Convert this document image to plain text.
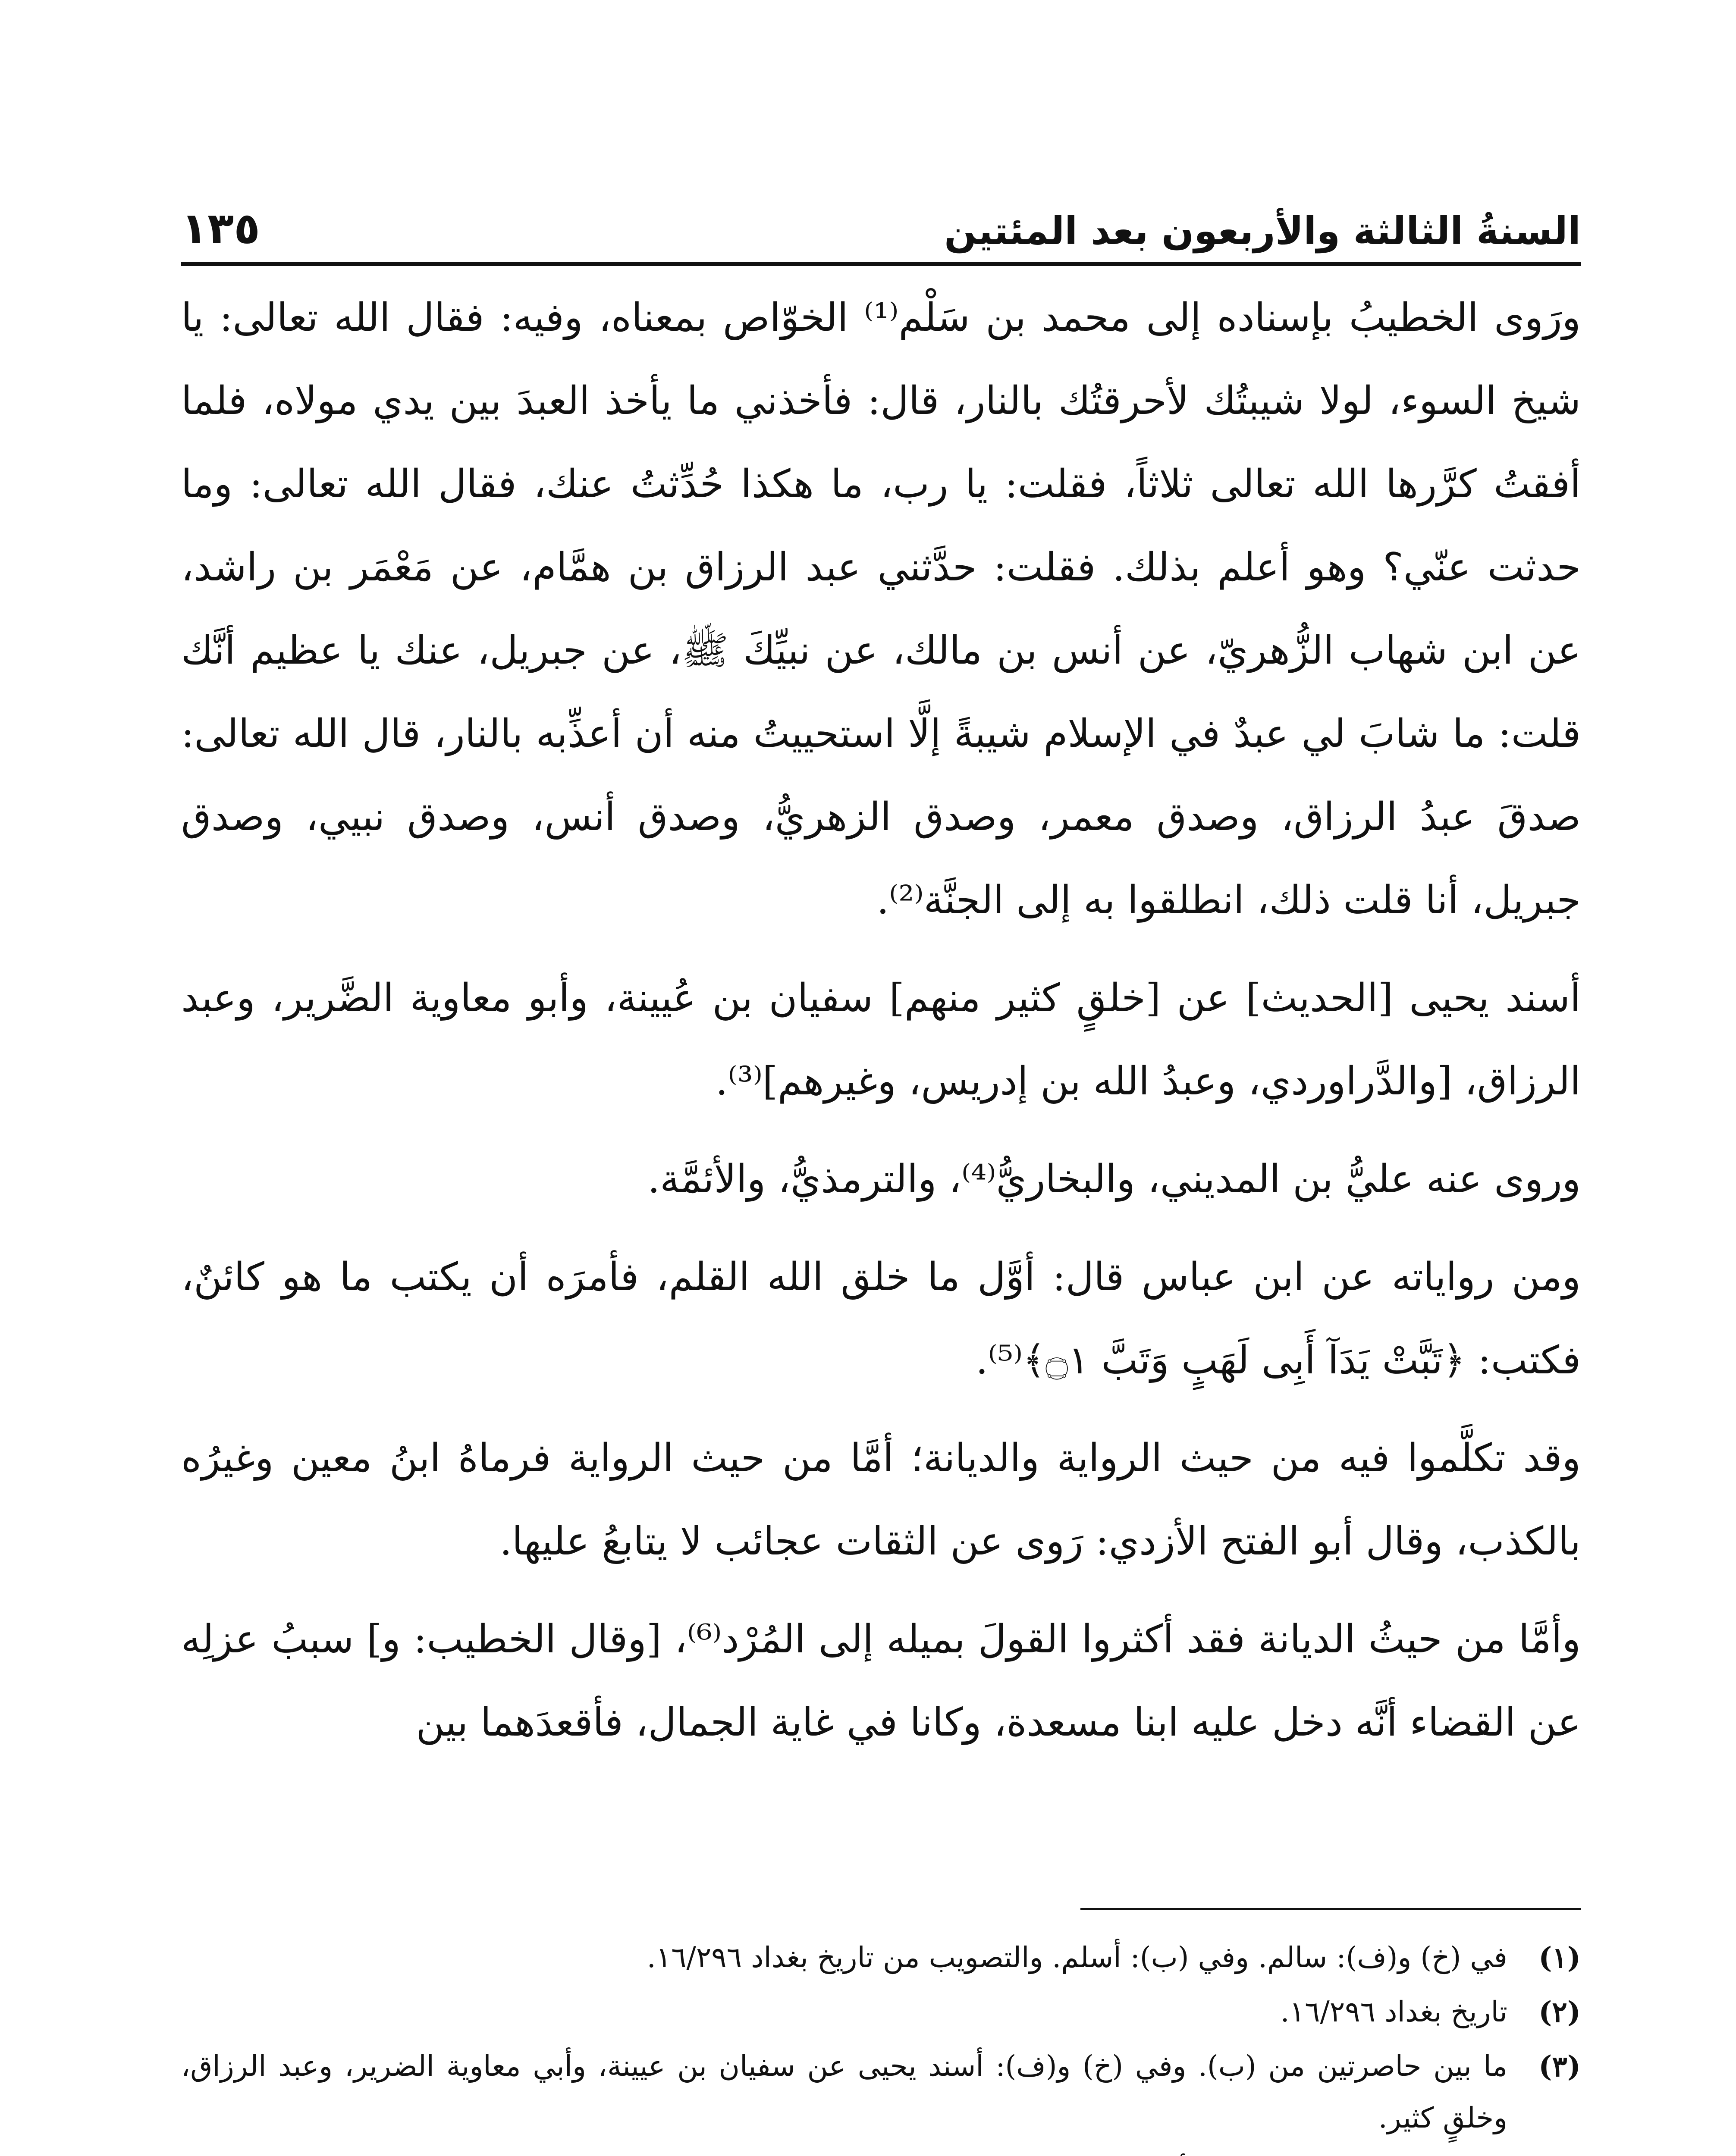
السنةُ الثالثة والأربعون بعد المئتين
١٣٥

ورَوى الخطيبُ بإسناده إلى محمد بن سَلْم⁽¹⁾ الخوّاص بمعناه، وفيه: فقال الله تعالى: يا شيخ السوء، لولا شيبتُك لأحرقتُك بالنار، قال: فأخذني ما يأخذ العبدَ بين يدي مولاه، فلما أفقتُ كرَّرها الله تعالى ثلاثاً، فقلت: يا رب، ما هكذا حُدِّثتُ عنك، فقال الله تعالى: وما حدثت عنّي؟ وهو أعلم بذلك. فقلت: حدَّثني عبد الرزاق بن همَّام، عن مَعْمَر بن راشد، عن ابن شهاب الزُّهريّ، عن أنس بن مالك، عن نبيِّكَ ﷺ، عن جبريل، عنك يا عظيم أنَّك قلت: ما شابَ لي عبدٌ في الإسلام شيبةً إلَّا استحييتُ منه أن أعذِّبه بالنار، قال الله تعالى: صدقَ عبدُ الرزاق، وصدق معمر، وصدق الزهريُّ، وصدق أنس، وصدق نبيي، وصدق جبريل، أنا قلت ذلك، انطلقوا به إلى الجنَّة⁽²⁾.

أسند يحيى [الحديث] عن [خلقٍ كثير منهم] سفيان بن عُيينة، وأبو معاوية الضَّرير، وعبد الرزاق، [والدَّراوردي، وعبدُ الله بن إدريس، وغيرهم]⁽³⁾.

وروى عنه عليُّ بن المديني، والبخاريُّ⁽⁴⁾، والترمذيُّ، والأئمَّة.

ومن رواياته عن ابن عباس قال: أوَّل ما خلق الله القلم، فأمرَه أن يكتب ما هو كائنٌ، فكتب: ﴿تَبَّتْ يَدَآ أَبِى لَهَبٍ وَتَبَّ ۝١﴾⁽⁵⁾.

وقد تكلَّموا فيه من حيث الرواية والديانة؛ أمَّا من حيث الرواية فرماهُ ابنُ معين وغيرُه بالكذب، وقال أبو الفتح الأزدي: رَوى عن الثقات عجائب لا يتابعُ عليها.

وأمَّا من حيثُ الديانة فقد أكثروا القولَ بميله إلى المُرْد⁽⁶⁾، [وقال الخطيب: و] سببُ عزلِه عن القضاء أنَّه دخل عليه ابنا مسعدة، وكانا في غاية الجمال، فأقعدَهما بين

(١)
في (خ) و(ف): سالم. وفي (ب): أسلم. والتصويب من تاريخ بغداد ١٦/٢٩٦.
(٢)
تاريخ بغداد ١٦/٢٩٦.
(٣)
ما بين حاصرتين من (ب). وفي (خ) و(ف): أسند يحيى عن سفيان بن عيينة، وأبي معاوية الضرير، وعبد الرزاق، وخلقٍ كثير.
